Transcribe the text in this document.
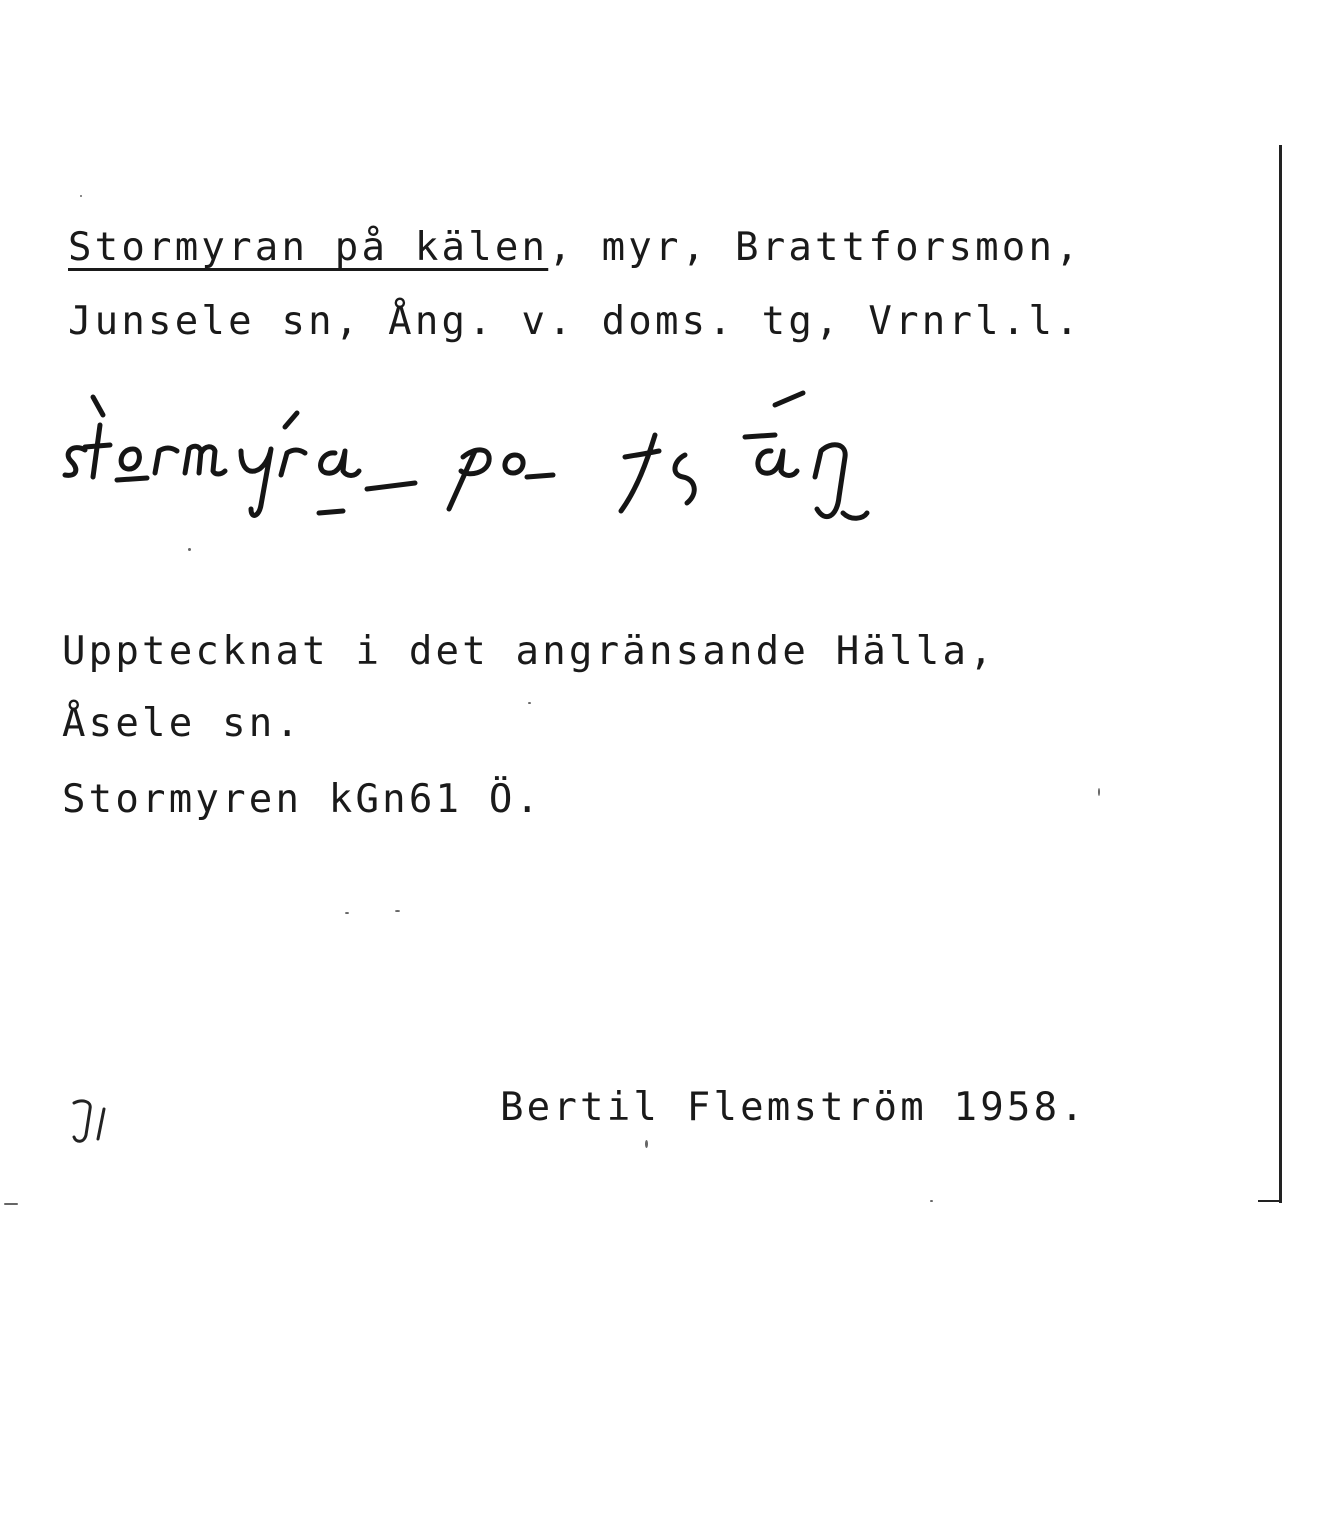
Stormyran på kälen, myr, Brattforsmon,
Junsele sn, Ång. v. doms. tg, Vrnrl.l.
Upptecknat i det angränsande Hälla,
Åsele sn.
Stormyren kGn61 Ö.
Bertil Flemström 1958.
